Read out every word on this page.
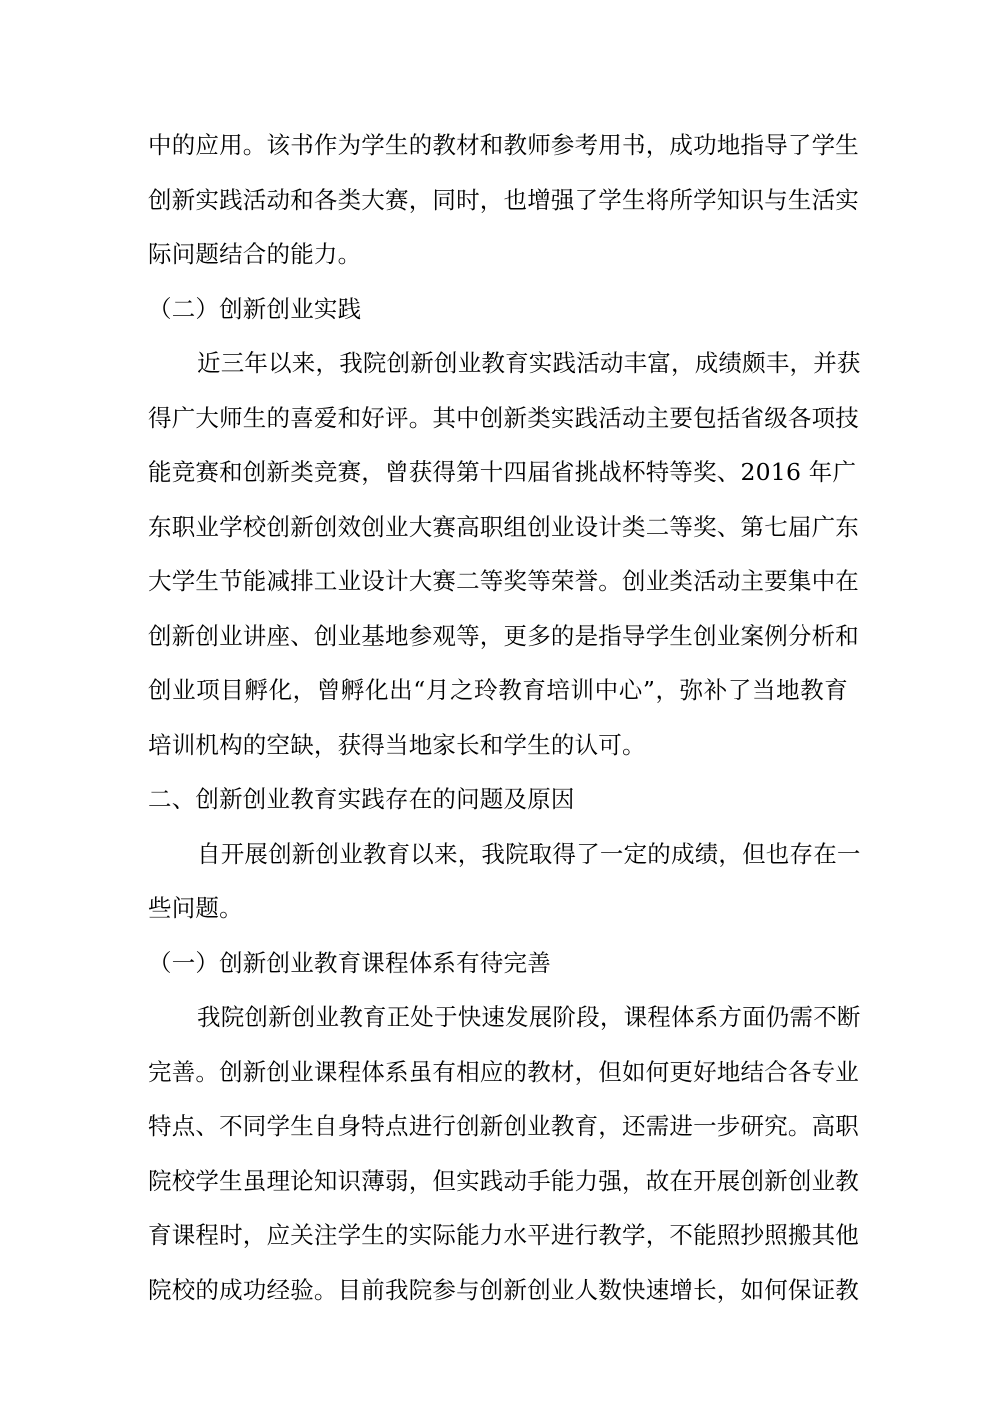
中的应用。该书作为学生的教材和教师参考用书，成功地指导了学生
创新实践活动和各类大赛，同时，也增强了学生将所学知识与生活实
际问题结合的能力。
（二）创新创业实践
近三年以来，我院创新创业教育实践活动丰富，成绩颇丰，并获
得广大师生的喜爱和好评。其中创新类实践活动主要包括省级各项技
能竞赛和创新类竞赛，曾获得第十四届省挑战杯特等奖、2016 年广
东职业学校创新创效创业大赛高职组创业设计类二等奖、第七届广东
大学生节能减排工业设计大赛二等奖等荣誉。创业类活动主要集中在
创新创业讲座、创业基地参观等，更多的是指导学生创业案例分析和
创业项目孵化，曾孵化出“月之玲教育培训中心”，弥补了当地教育
培训机构的空缺，获得当地家长和学生的认可。
二、创新创业教育实践存在的问题及原因
自开展创新创业教育以来，我院取得了一定的成绩，但也存在一
些问题。
（一）创新创业教育课程体系有待完善
我院创新创业教育正处于快速发展阶段，课程体系方面仍需不断
完善。创新创业课程体系虽有相应的教材，但如何更好地结合各专业
特点、不同学生自身特点进行创新创业教育，还需进一步研究。高职
院校学生虽理论知识薄弱，但实践动手能力强，故在开展创新创业教
育课程时，应关注学生的实际能力水平进行教学，不能照抄照搬其他
院校的成功经验。目前我院参与创新创业人数快速增长，如何保证教
